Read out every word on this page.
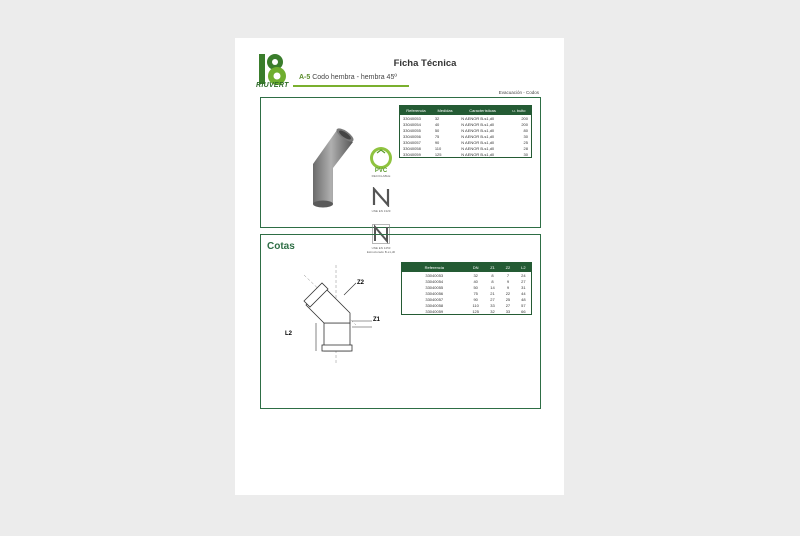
RIUVERT
Ficha Técnica
A-5 Codo hembra - hembra 45º
Evacuación - Codos
PVC
RECICLABLE
UNE EN 1329
UNE EN 1453
Estructurado B-s1,d0
Referencia	Medidas	Características	u. bulto
33040053	32	N AENOR B-s1,d0	200
33040054	40	N AENOR B-s1,d0	200
33040055	50	N AENOR B-s1,d0	80
33040056	75	N AENOR B-s1,d0	30
33040057	90	N AENOR B-s1,d0	25
33040058	110	N AENOR B-s1,d0	28
33040059	125	N AENOR B-s1,d0	30
Cotas
Z2
Z1
L2
Referencia	DN	Z1	Z2	L2
33040053	32	8	7	24
33040054	40	8	9	27
33040055	50	14	9	31
33040056	75	21	22	44
33040057	90	27	25	48
33040058	110	33	27	57
33040059	125	32	33	66
